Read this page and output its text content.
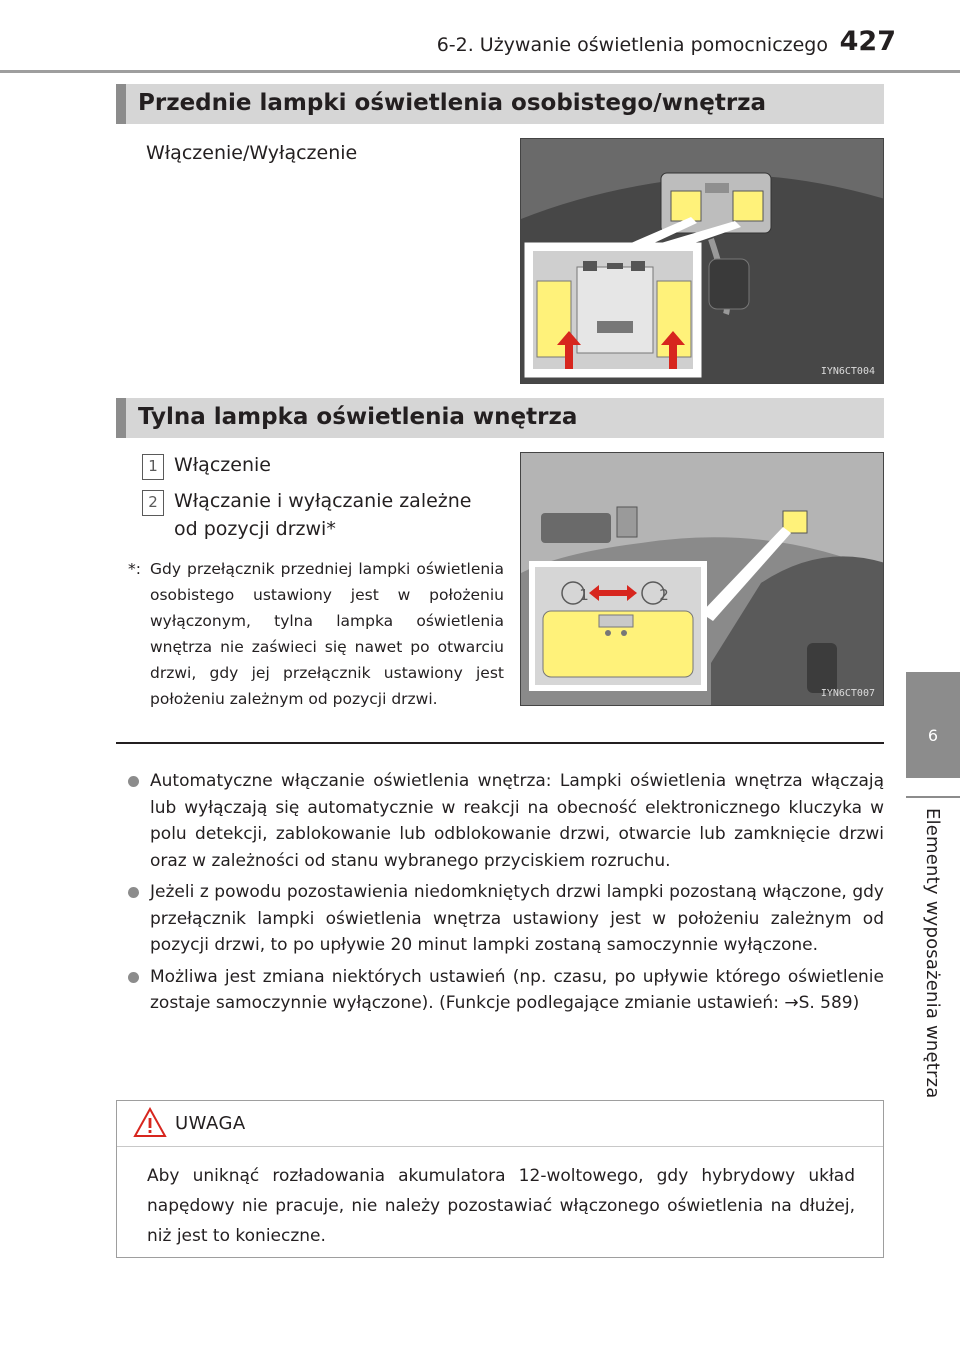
6-2. Używanie oświetlenia pomocniczego 427
6
Elementy wyposażenia wnętrza
Przednie lampki oświetlenia osobistego/wnętrza
Włączenie/Wyłączenie
IYN6CT004
Tylna lampka oświetlenia wnętrza
1 Włączenie
2 Włączanie i wyłączanie zależne
od pozycji drzwi*
*: Gdy przełącznik przedniej lampki oświetlenia osobistego ustawiony jest w położeniu wyłączonym, tylna lampka oświetlenia wnętrza nie zaświeci się nawet po otwarciu drzwi, gdy jej przełącznik ustawiony jest położeniu zależnym od pozycji drzwi.
1	2
IYN6CT007
Automatyczne włączanie oświetlenia wnętrza: Lampki oświetlenia wnętrza włączają lub wyłączają się automatycznie w reakcji na obecność elektronicznego kluczyka w polu detekcji, zablokowanie lub odblokowanie drzwi, otwarcie lub zamknięcie drzwi oraz w zależności od stanu wybranego przyciskiem rozruchu.
Jeżeli z powodu pozostawienia niedomkniętych drzwi lampki pozostaną włączone, gdy przełącznik lampki oświetlenia wnętrza ustawiony jest w położeniu zależnym od pozycji drzwi, to po upływie 20 minut lampki zostaną samoczynnie wyłączone.
Możliwa jest zmiana niektórych ustawień (np. czasu, po upływie którego oświetlenie zostaje samoczynnie wyłączone). (Funkcje podlegające zmianie ustawień: →S. 589)
UWAGA
Aby uniknąć rozładowania akumulatora 12-woltowego, gdy hybrydowy układ napędowy nie pracuje, nie należy pozostawiać włączonego oświetlenia na dłużej, niż jest to konieczne.
